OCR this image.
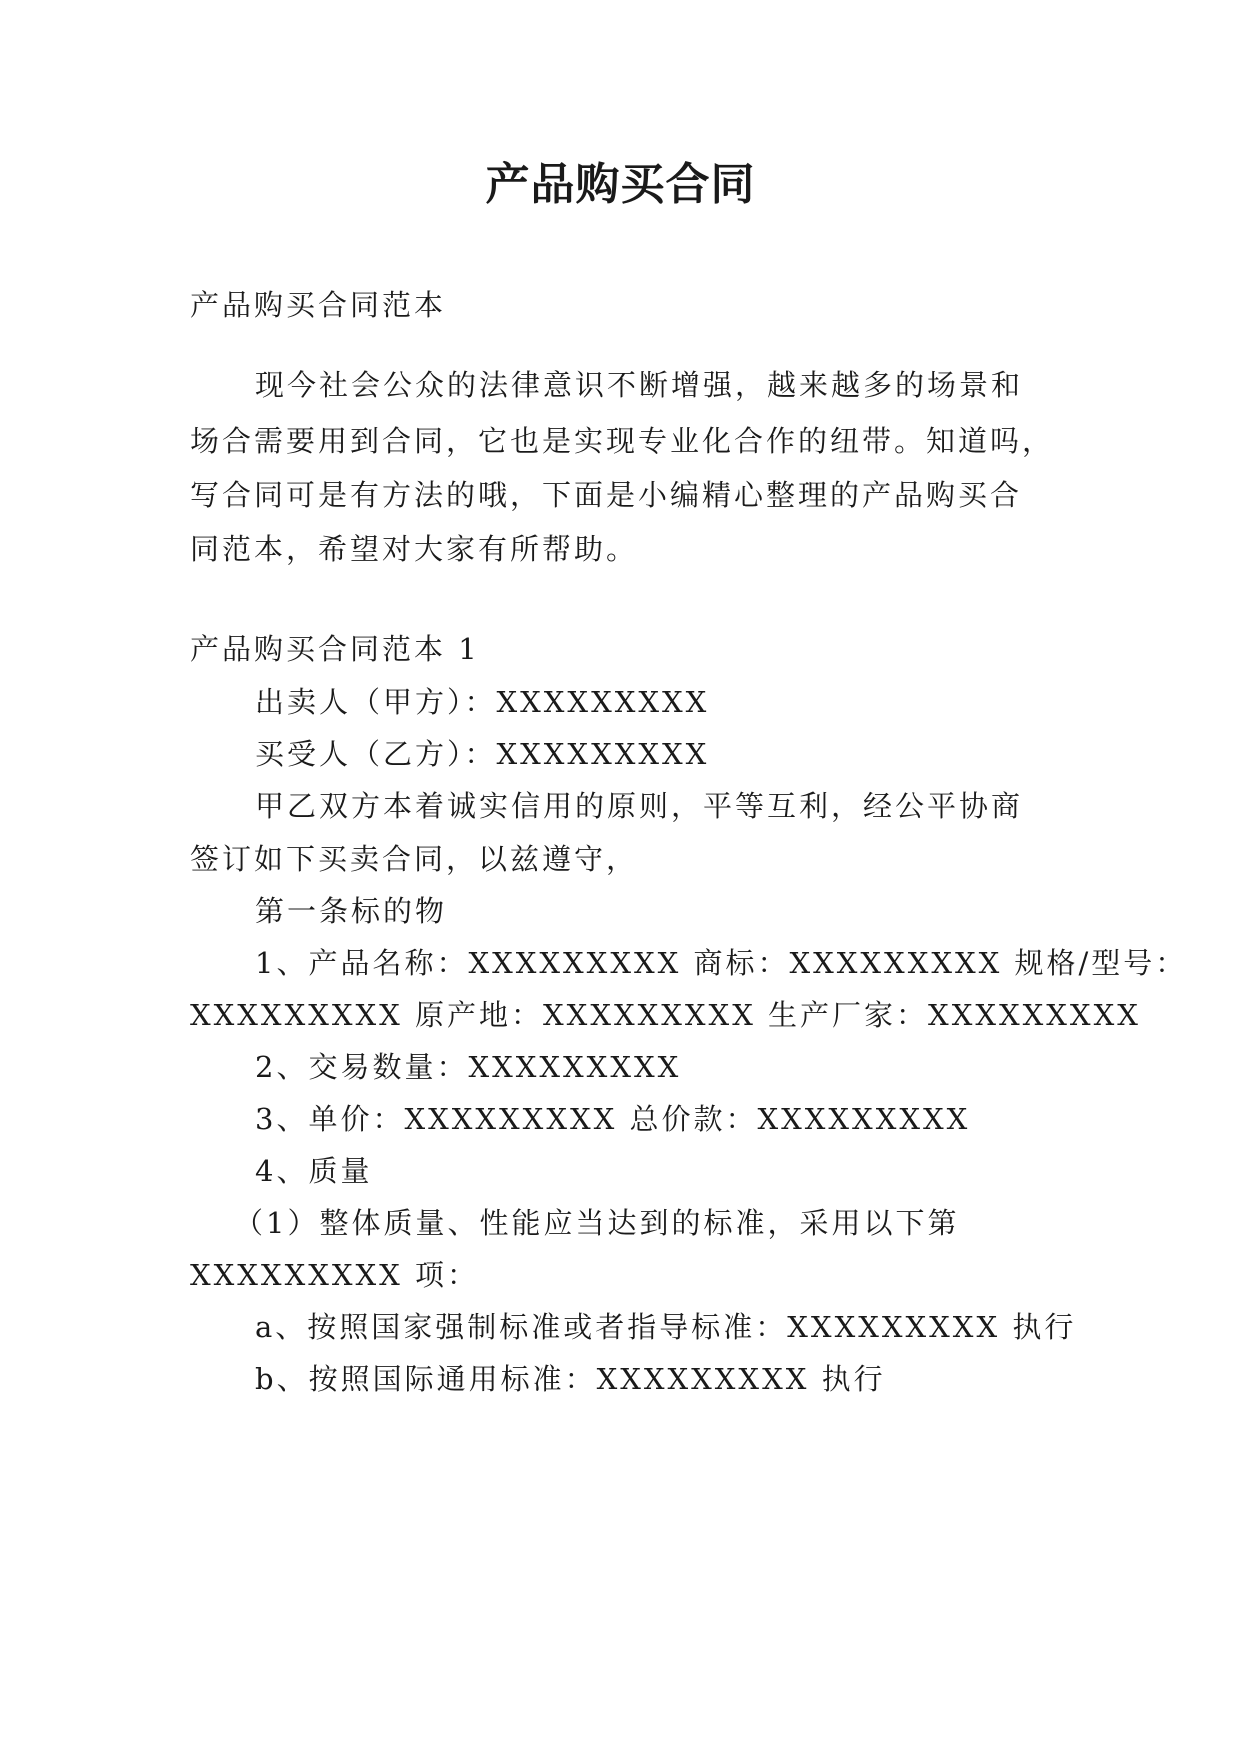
产品购买合同
产品购买合同范本
现今社会公众的法律意识不断增强，越来越多的场景和
场合需要用到合同，它也是实现专业化合作的纽带。知道吗，
写合同可是有方法的哦，下面是小编精心整理的产品购买合
同范本，希望对大家有所帮助。
产品购买合同范本 1
出卖人（甲方）：XXXXXXXXX
买受人（乙方）：XXXXXXXXX
甲乙双方本着诚实信用的原则，平等互利，经公平协商
签订如下买卖合同，以兹遵守，
第一条标的物
1、产品名称：XXXXXXXXX 商标：XXXXXXXXX 规格/型号：
XXXXXXXXX 原产地：XXXXXXXXX 生产厂家：XXXXXXXXX
2、交易数量：XXXXXXXXX
3、单价：XXXXXXXXX 总价款：XXXXXXXXX
4、质量
（1）整体质量、性能应当达到的标准，采用以下第
XXXXXXXXX 项：
a、按照国家强制标准或者指导标准：XXXXXXXXX 执行
b、按照国际通用标准：XXXXXXXXX 执行
